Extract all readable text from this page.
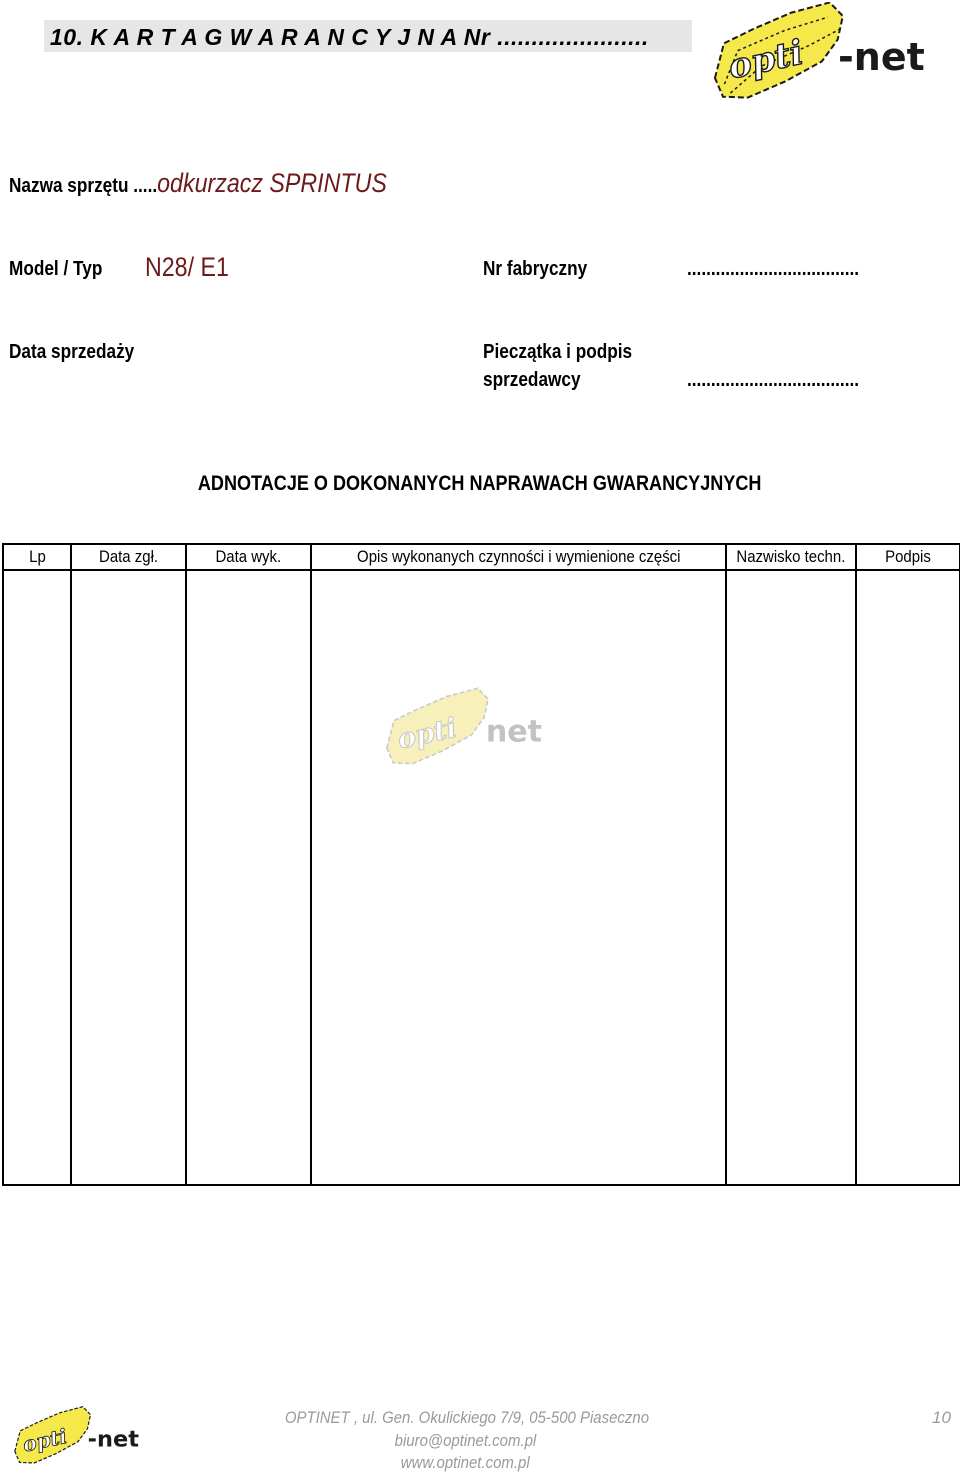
10. K A R T A G W A R A N C Y J N A Nr ...................... opti -net
Nazwa sprzętu .....odkurzacz SPRINTUS
Model / Typ N28/ E1	Nr fabryczny	....................................
Data sprzedaży	Pieczątka i podpis
sprzedawcy	....................................
ADNOTACJE O DOKONANYCH NAPRAWACH GWARANCYJNYCH
Lp	Data zgł.	Data wyk.	Opis wykonanych czynności i wymienione części	Nazwisko techn.	Podpis

opti net
opti -net
OPTINET , ul. Gen. Okulickiego 7/9, 05-500 Piaseczno
biuro@optinet.com.pl
www.optinet.com.pl
10
